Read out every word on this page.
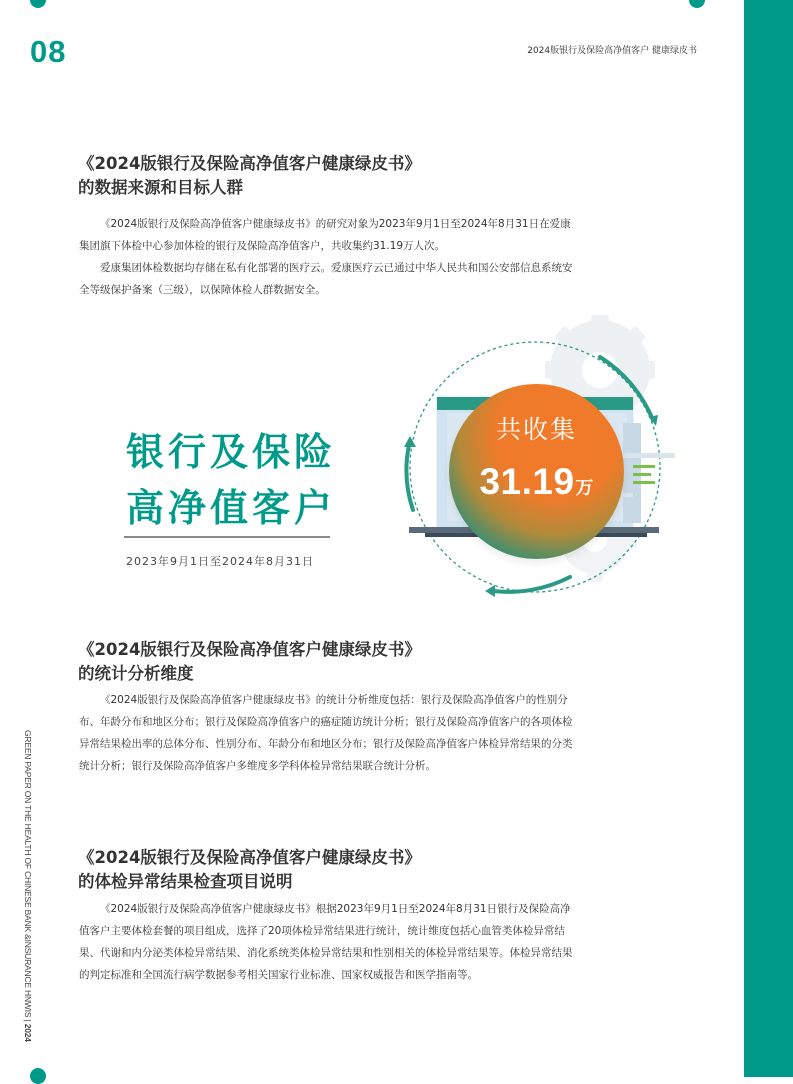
08	2024版银行及保险高净值客户 健康绿皮书
《2024版银行及保险高净值客户健康绿皮书》
的数据来源和目标人群

《2024版银行及保险高净值客户健康绿皮书》的研究对象为2023年9月1日至2024年8月31日在爱康集团旗下体检中心参加体检的银行及保险高净值客户，共收集约31.19万人次。

爱康集团体检数据均存储在私有化部署的医疗云。爱康医疗云已通过中华人民共和国公安部信息系统安全等级保护备案（三级），以保障体检人群数据安全。

银行及保险
高净值客户
2023年9月1日至2024年8月31日
共收集
31.19万
《2024版银行及保险高净值客户健康绿皮书》
的统计分析维度

《2024版银行及保险高净值客户健康绿皮书》的统计分析维度包括：银行及保险高净值客户的性别分布、年龄分布和地区分布；银行及保险高净值客户的癌症随访统计分析；银行及保险高净值客户的各项体检异常结果检出率的总体分布、性别分布、年龄分布和地区分布；银行及保险高净值客户体检异常结果的分类统计分析；银行及保险高净值客户多维度多学科体检异常结果联合统计分析。

《2024版银行及保险高净值客户健康绿皮书》
的体检异常结果检查项目说明

《2024版银行及保险高净值客户健康绿皮书》根据2023年9月1日至2024年8月31日银行及保险高净值客户主要体检套餐的项目组成，选择了20项体检异常结果进行统计，统计维度包括心血管类体检异常结果、代谢和内分泌类体检异常结果、消化系统类体检异常结果和性别相关的体检异常结果等。体检异常结果的判定标准和全国流行病学数据参考相关国家行业标准、国家权威报告和医学指南等。

GREEN PAPER ON THE HEALTH OF CHINESE BANK &INSURANCE HNWIS | 2024
